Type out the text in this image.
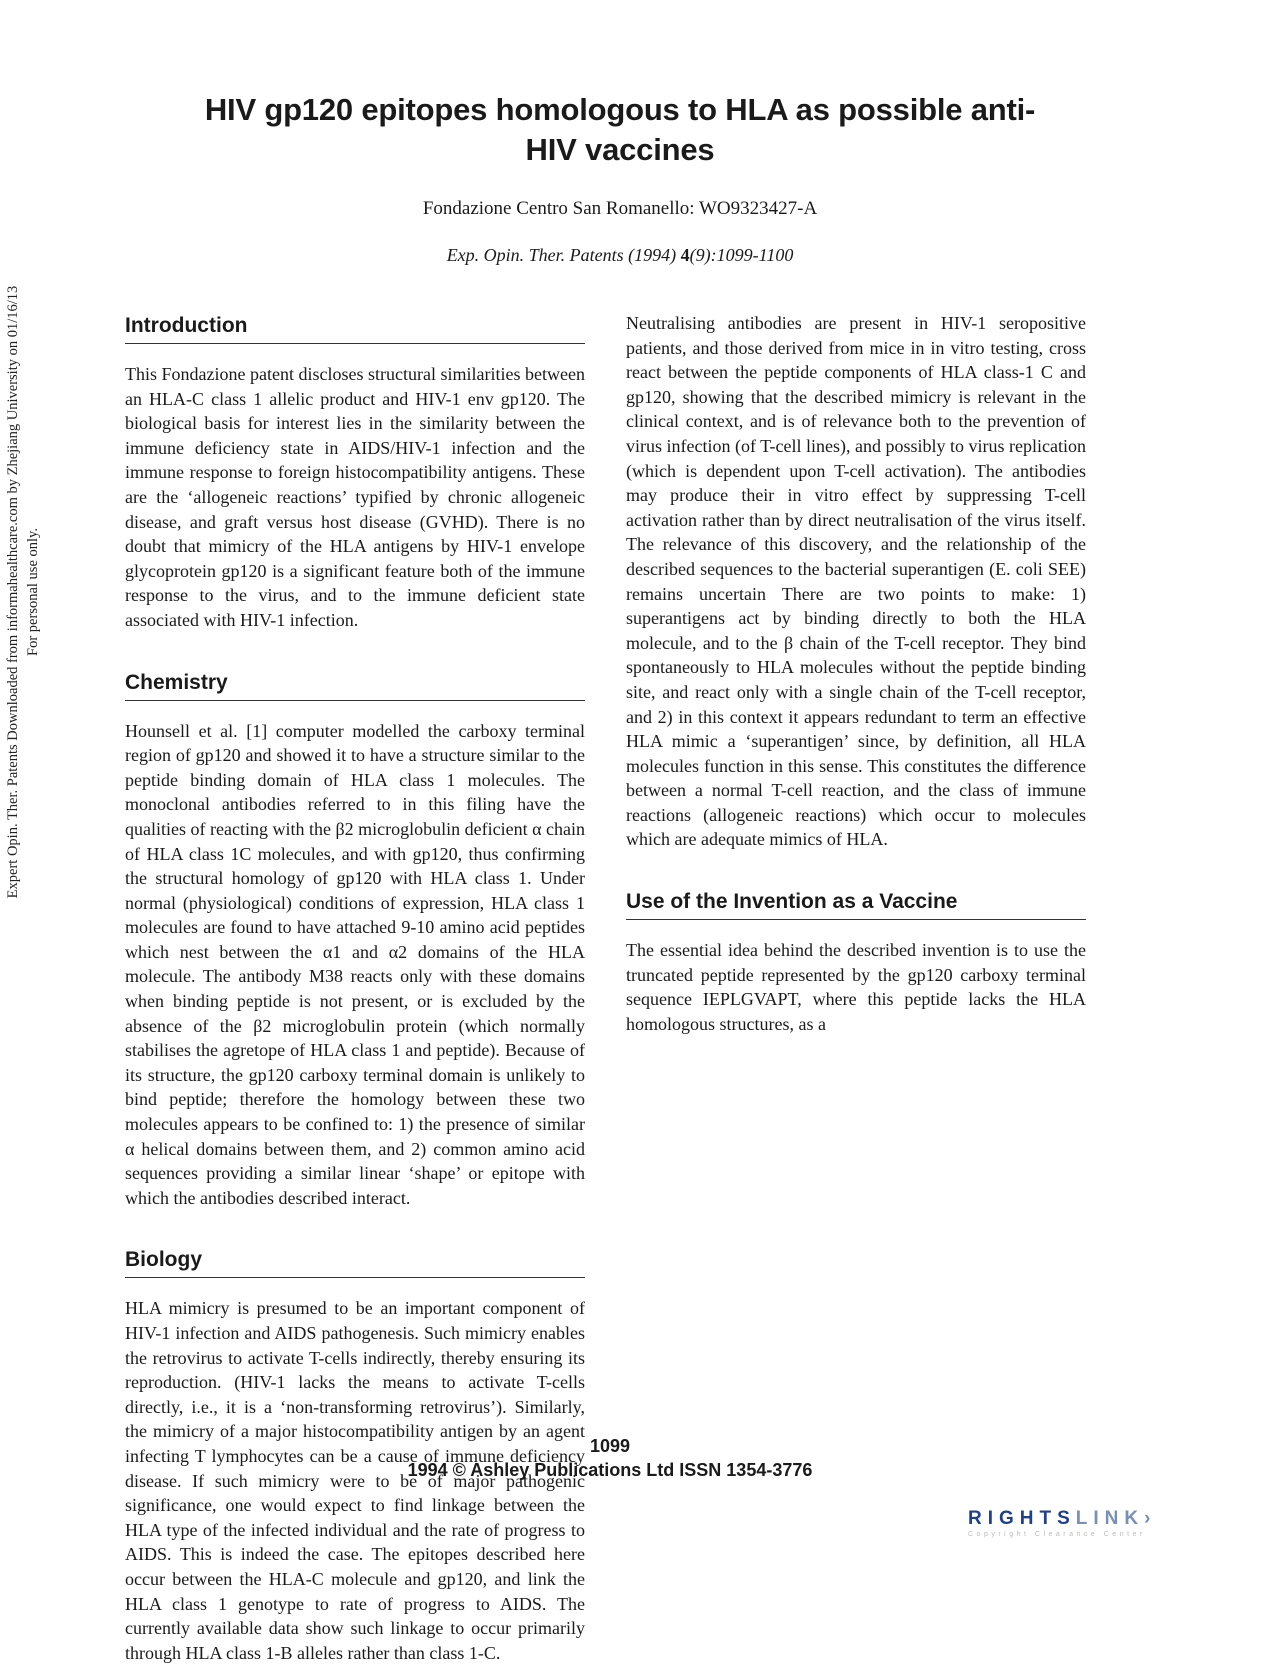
HIV gp120 epitopes homologous to HLA as possible anti-HIV vaccines
Fondazione Centro San Romanello: WO9323427-A
Exp. Opin. Ther. Patents (1994) 4(9):1099-1100
Expert Opin. Ther. Patents Downloaded from informahealthcare.com by Zhejiang University on 01/16/13 For personal use only.
Introduction

This Fondazione patent discloses structural similarities between an HLA-C class 1 allelic product and HIV-1 env gp120. The biological basis for interest lies in the similarity between the immune deficiency state in AIDS/HIV-1 infection and the immune response to foreign histocompatibility antigens. These are the ‘allogeneic reactions’ typified by chronic allogeneic disease, and graft versus host disease (GVHD). There is no doubt that mimicry of the HLA antigens by HIV-1 envelope glycoprotein gp120 is a significant feature both of the immune response to the virus, and to the immune deficient state associated with HIV-1 infection.

Chemistry

Hounsell et al. [1] computer modelled the carboxy terminal region of gp120 and showed it to have a structure similar to the peptide binding domain of HLA class 1 molecules. The monoclonal antibodies referred to in this filing have the qualities of reacting with the β2 microglobulin deficient α chain of HLA class 1C molecules, and with gp120, thus confirming the structural homology of gp120 with HLA class 1. Under normal (physiological) conditions of expression, HLA class 1 molecules are found to have attached 9-10 amino acid peptides which nest between the α1 and α2 domains of the HLA molecule. The antibody M38 reacts only with these domains when binding peptide is not present, or is excluded by the absence of the β2 microglobulin protein (which normally stabilises the agretope of HLA class 1 and peptide). Because of its structure, the gp120 carboxy terminal domain is unlikely to bind peptide; therefore the homology between these two molecules appears to be confined to: 1) the presence of similar α helical domains between them, and 2) common amino acid sequences providing a similar linear ‘shape’ or epitope with which the antibodies described interact.

Biology

HLA mimicry is presumed to be an important component of HIV-1 infection and AIDS pathogenesis. Such mimicry enables the retrovirus to activate T-cells indirectly, thereby ensuring its reproduction. (HIV-1 lacks the means to activate T-cells directly, i.e., it is a ‘non-transforming retrovirus’). Similarly, the mimicry of a major histocompatibility antigen by an agent infecting T lymphocytes can be a cause of immune deficiency disease. If such mimicry were to be of major pathogenic significance, one would expect to find linkage between the HLA type of the infected individual and the rate of progress to AIDS. This is indeed the case. The epitopes described here occur between the HLA-C molecule and gp120, and link the HLA class 1 genotype to rate of progress to AIDS. The currently available data show such linkage to occur primarily through HLA class 1-B alleles rather than class 1-C.

Neutralising antibodies are present in HIV-1 seropositive patients, and those derived from mice in in vitro testing, cross react between the peptide components of HLA class-1 C and gp120, showing that the described mimicry is relevant in the clinical context, and is of relevance both to the prevention of virus infection (of T-cell lines), and possibly to virus replication (which is dependent upon T-cell activation). The antibodies may produce their in vitro effect by suppressing T-cell activation rather than by direct neutralisation of the virus itself. The relevance of this discovery, and the relationship of the described sequences to the bacterial superantigen (E. coli SEE) remains uncertain There are two points to make: 1) superantigens act by binding directly to both the HLA molecule, and to the β chain of the T-cell receptor. They bind spontaneously to HLA molecules without the peptide binding site, and react only with a single chain of the T-cell receptor, and 2) in this context it appears redundant to term an effective HLA mimic a ‘superantigen’ since, by definition, all HLA molecules function in this sense. This constitutes the difference between a normal T-cell reaction, and the class of immune reactions (allogeneic reactions) which occur to molecules which are adequate mimics of HLA.

Use of the Invention as a Vaccine

The essential idea behind the described invention is to use the truncated peptide represented by the gp120 carboxy terminal sequence IEPLGVAPT, where this peptide lacks the HLA homologous structures, as a

1099
1994 © Ashley Publications Ltd ISSN 1354-3776
RIGHTSLINK›
Copyright Clearance Center
